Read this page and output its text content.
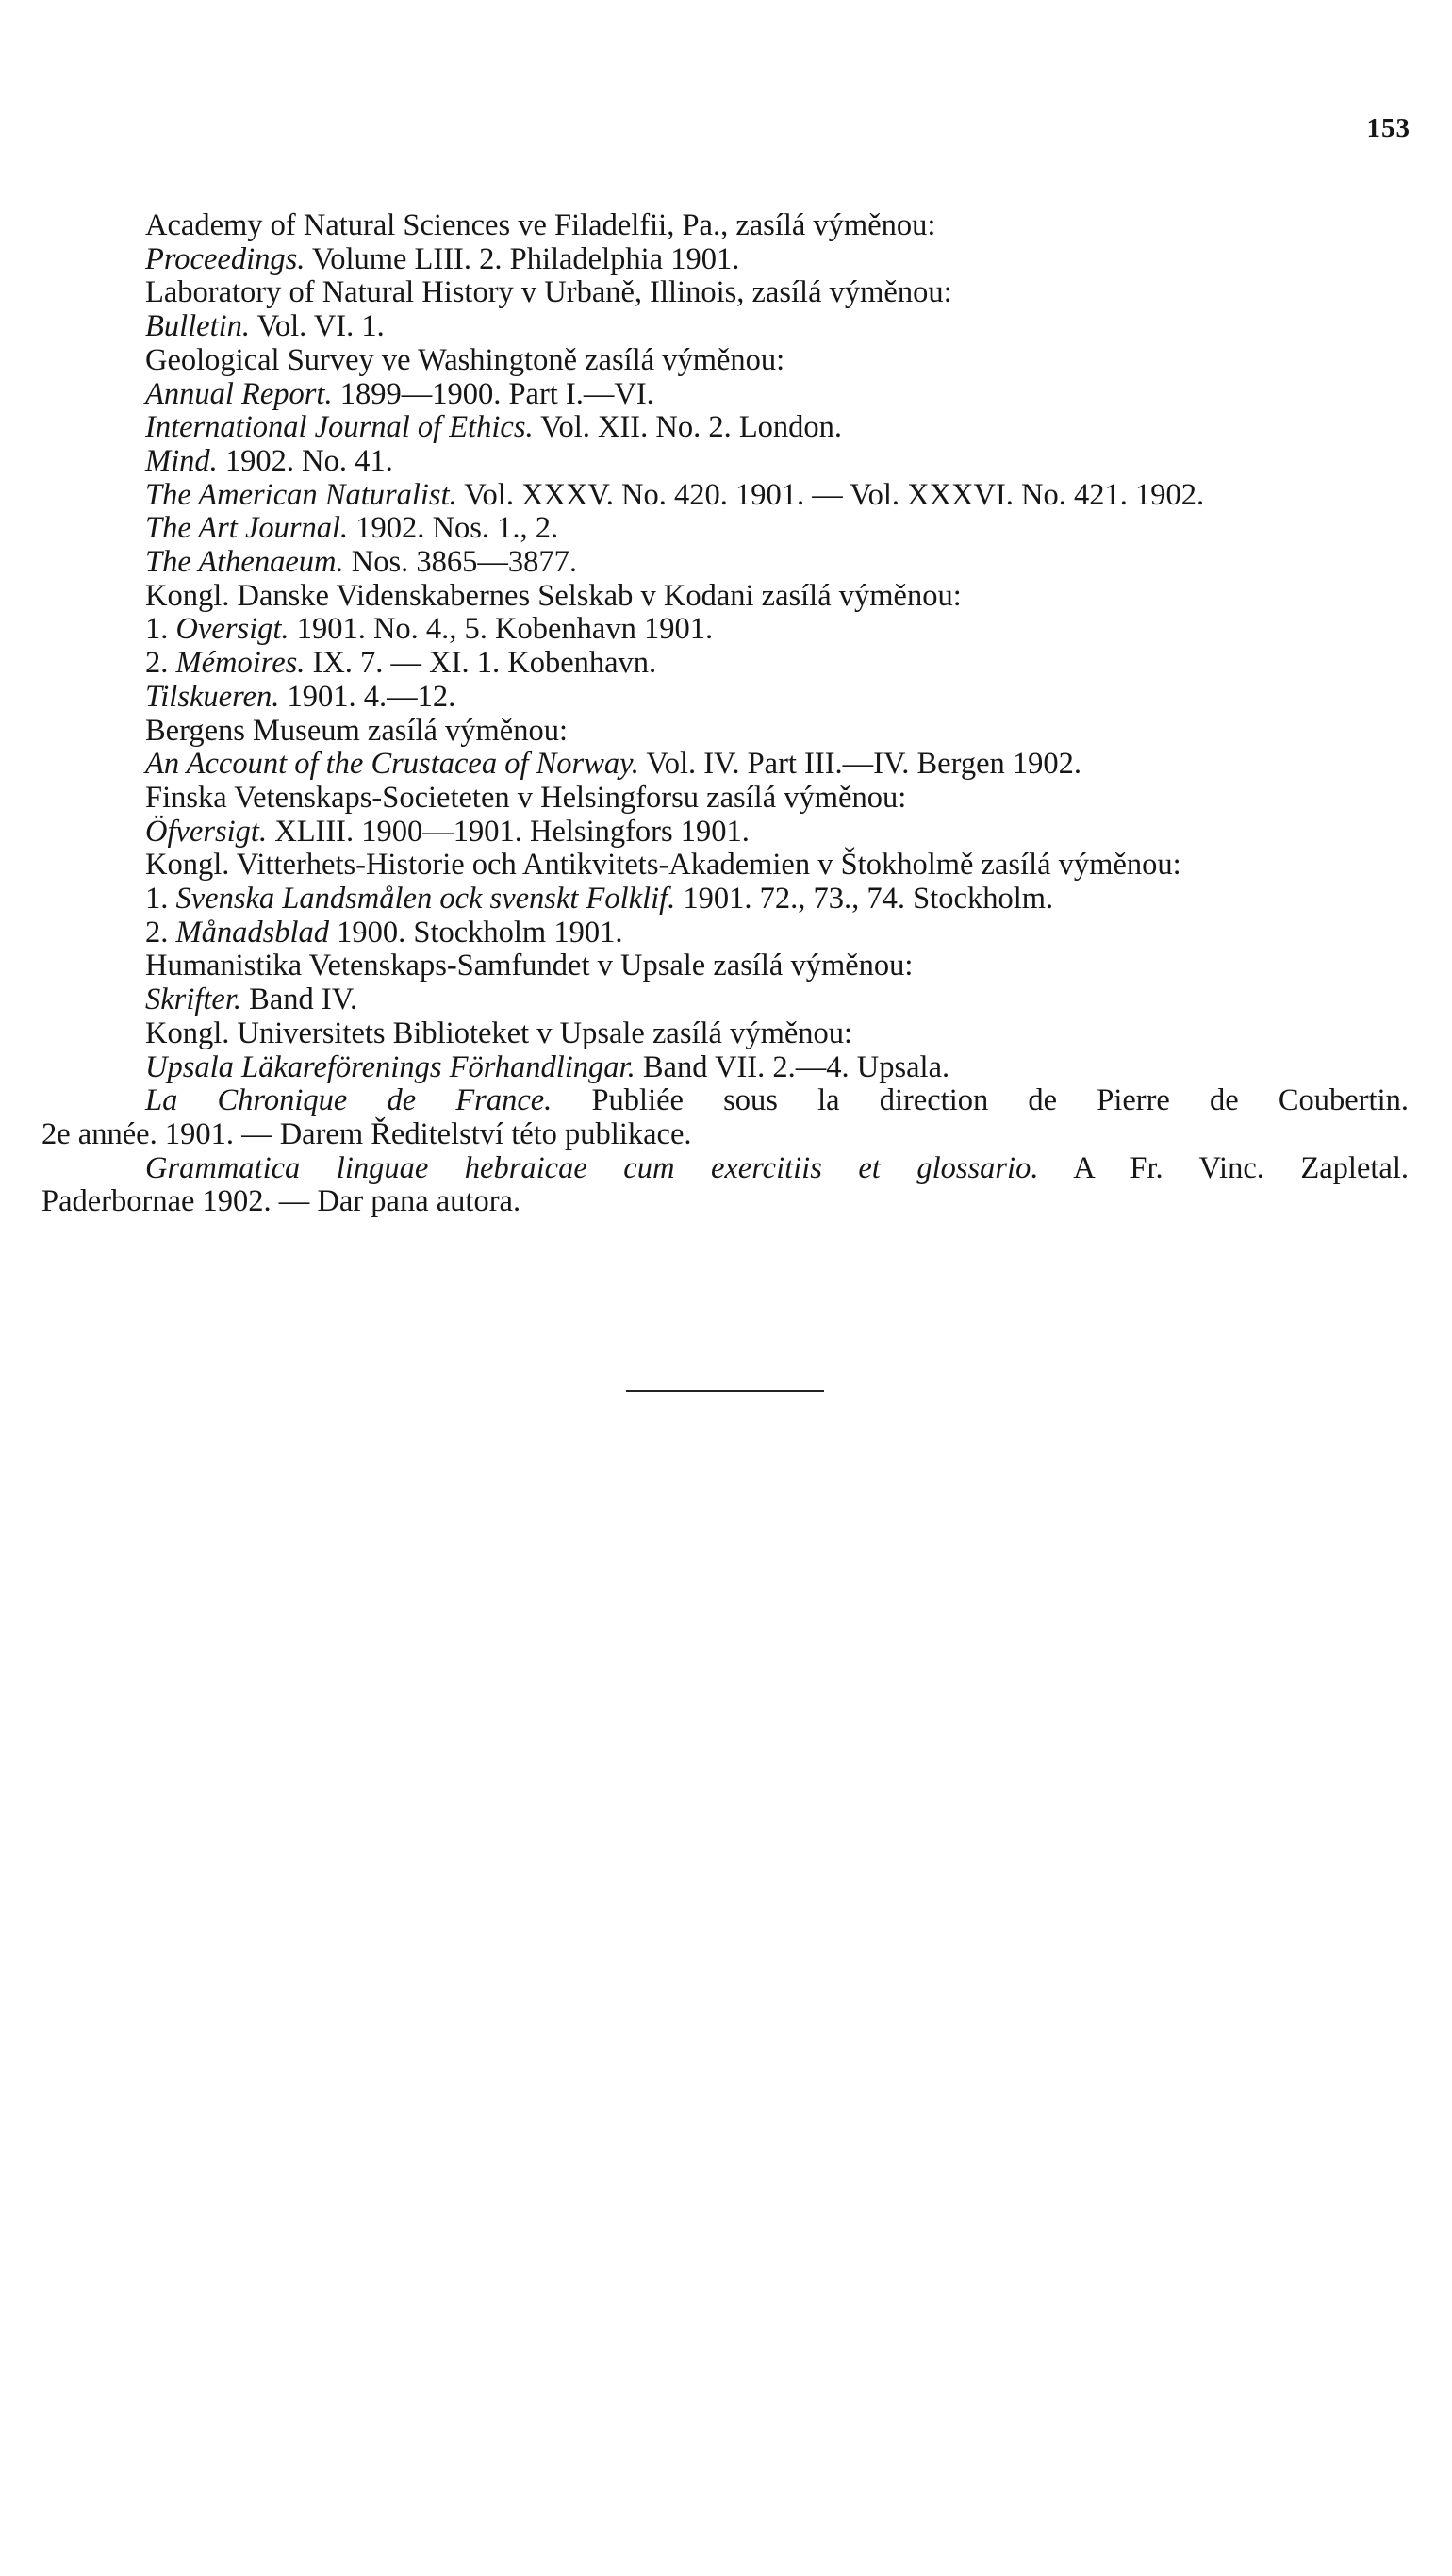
153
Academy of Natural Sciences ve Filadelfii, Pa., zasílá výměnou:
Proceedings. Volume LIII. 2. Philadelphia 1901.
Laboratory of Natural History v Urbaně, Illinois, zasílá výměnou:
Bulletin. Vol. VI. 1.
Geological Survey ve Washingtoně zasílá výměnou:
Annual Report. 1899—1900. Part I.—VI.
International Journal of Ethics. Vol. XII. No. 2. London.
Mind. 1902. No. 41.
The American Naturalist. Vol. XXXV. No. 420. 1901. — Vol. XXXVI. No. 421. 1902.
The Art Journal. 1902. Nos. 1., 2.
The Athenaeum. Nos. 3865—3877.
Kongl. Danske Videnskabernes Selskab v Kodani zasílá výměnou:
1. Oversigt. 1901. No. 4., 5. Kobenhavn 1901.
2. Mémoires. IX. 7. — XI. 1. Kobenhavn.
Tilskueren. 1901. 4.—12.
Bergens Museum zasílá výměnou:
An Account of the Crustacea of Norway. Vol. IV. Part III.—IV. Bergen 1902.
Finska Vetenskaps-Societeten v Helsingforsu zasílá výměnou:
Öfversigt. XLIII. 1900—1901. Helsingfors 1901.
Kongl. Vitterhets-Historie och Antikvitets-Akademien v Štokholmě zasílá výměnou:
1. Svenska Landsmålen ock svenskt Folklif. 1901. 72., 73., 74. Stockholm.
2. Månadsblad 1900. Stockholm 1901.
Humanistika Vetenskaps-Samfundet v Upsale zasílá výměnou:
Skrifter. Band IV.
Kongl. Universitets Biblioteket v Upsale zasílá výměnou:
Upsala Läkareförenings Förhandlingar. Band VII. 2.—4. Upsala.
La Chronique de France. Publiée sous la direction de Pierre de Coubertin.
2e année. 1901. — Darem Ředitelství této publikace.
Grammatica linguae hebraicae cum exercitiis et glossario. A Fr. Vinc. Zapletal.
Paderbornae 1902. — Dar pana autora.
